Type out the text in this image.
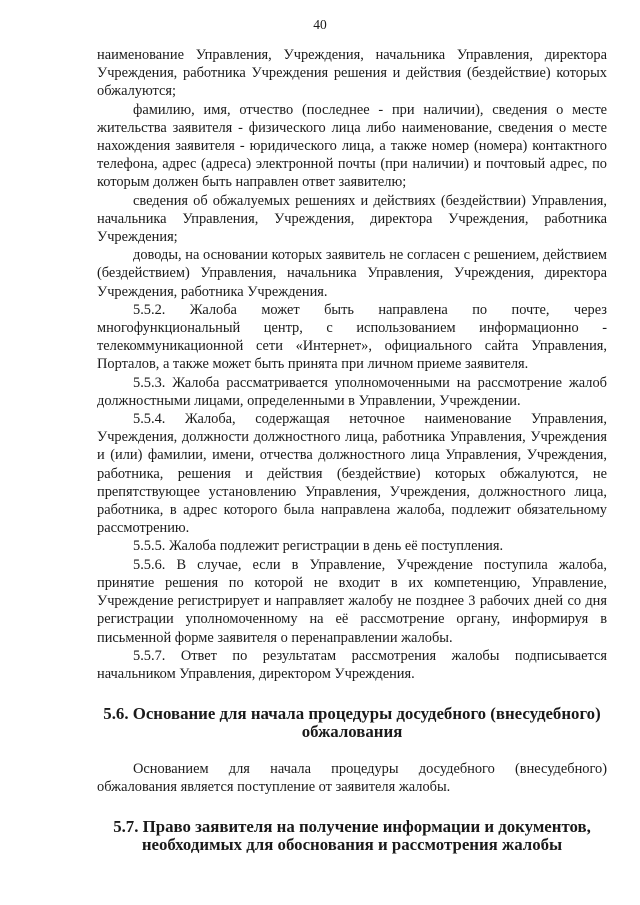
40

наименование Управления, Учреждения, начальника Управления, директора Учреждения, работника Учреждения решения и действия (бездействие) которых обжалуются;

фамилию, имя, отчество (последнее - при наличии), сведения о месте жительства заявителя - физического лица либо наименование, сведения о месте нахождения заявителя - юридического лица, а также номер (номера) контактного телефона, адрес (адреса) электронной почты (при наличии) и почтовый адрес, по которым должен быть направлен ответ заявителю;

сведения об обжалуемых решениях и действиях (бездействии) Управления, начальника Управления, Учреждения, директора Учреждения, работника Учреждения;

доводы, на основании которых заявитель не согласен с решением, действием (бездействием) Управления, начальника Управления, Учреждения, директора Учреждения, работника Учреждения.

5.5.2. Жалоба может быть направлена по почте, через многофункциональный центр, с использованием информационно - телекоммуникационной сети «Интернет», официального сайта Управления, Порталов, а также может быть принята при личном приеме заявителя.

5.5.3. Жалоба рассматривается уполномоченными на рассмотрение жалоб должностными лицами, определенными в Управлении, Учреждении.

5.5.4. Жалоба, содержащая неточное наименование Управления, Учреждения, должности должностного лица, работника Управления, Учреждения и (или) фамилии, имени, отчества должностного лица Управления, Учреждения, работника, решения и действия (бездействие) которых обжалуются, не препятствующее установлению Управления, Учреждения, должностного лица, работника, в адрес которого была направлена жалоба, подлежит обязательному рассмотрению.

5.5.5. Жалоба подлежит регистрации в день её поступления.

5.5.6. В случае, если в Управление, Учреждение поступила жалоба, принятие решения по которой не входит в их компетенцию, Управление, Учреждение регистрирует и направляет жалобу не позднее 3 рабочих дней со дня регистрации уполномоченному на её рассмотрение органу, информируя в письменной форме заявителя о перенаправлении жалобы.

5.5.7. Ответ по результатам рассмотрения жалобы подписывается начальником Управления, директором Учреждения.

5.6. Основание для начала процедуры досудебного (внесудебного)
обжалования

Основанием для начала процедуры досудебного (внесудебного) обжалования является поступление от заявителя жалобы.

5.7. Право заявителя на получение информации и документов,
необходимых для обоснования и рассмотрения жалобы
